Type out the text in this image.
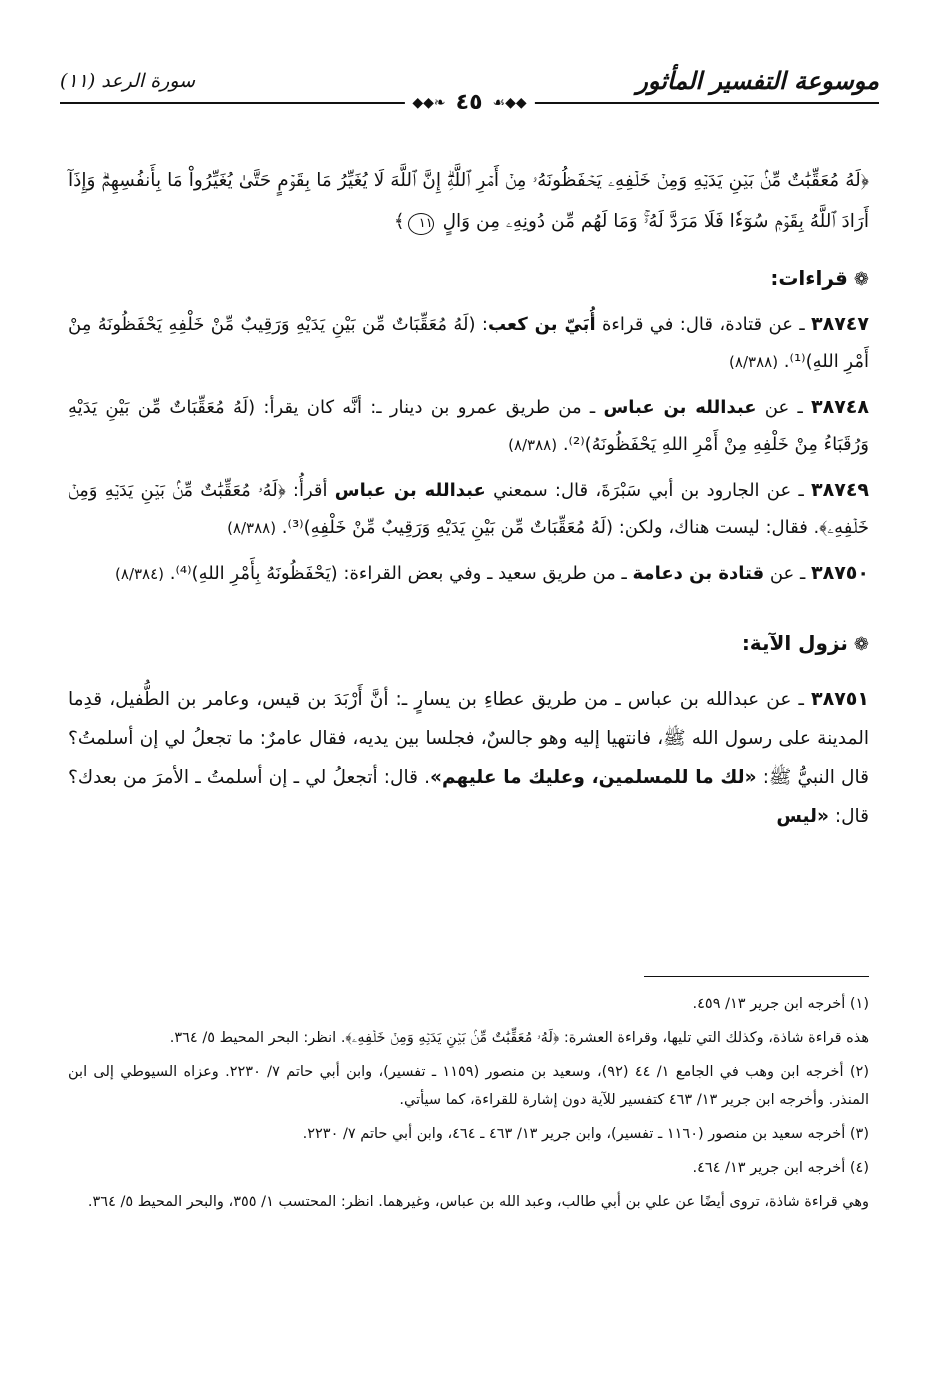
موسوعة التفسير المأثور
سورة الرعد (١١)
◆◆❧ ٤٥ ☙◆◆

﴿لَهُ مُعَقِّبَٰتٌ مِّنۢ بَيۡنِ يَدَيۡهِ وَمِنۡ خَلۡفِهِۦ يَحۡفَظُونَهُۥ مِنۡ أَمۡرِ ٱللَّهِۗ إِنَّ ٱللَّهَ لَا يُغَيِّرُ مَا بِقَوۡمٍ حَتَّىٰ يُغَيِّرُواْ مَا بِأَنفُسِهِمۡۗ وَإِذَآ أَرَادَ ٱللَّهُ بِقَوۡمٖ سُوٓءٗا فَلَا مَرَدَّ لَهُۥۚ وَمَا لَهُم مِّن دُونِهِۦ مِن وَالٍ ١١﴾

❁قراءات:

٣٨٧٤٧ ـ عن قتادة، قال: في قراءة أُبَيّ بن كعب: (لَهُ مُعَقِّبَاتٌ مِّن بَيْنِ يَدَيْهِ وَرَقِيبٌ مِّنْ خَلْفِهِ يَحْفَظُونَهُ مِنْ أَمْرِ اللهِ)⁽¹⁾. (٨/٣٨٨)

٣٨٧٤٨ ـ عن عبدالله بن عباس ـ من طريق عمرو بن دينار ـ: أنَّه كان يقرأ: (لَهُ مُعَقِّبَاتٌ مِّن بَيْنِ يَدَيْهِ وَرُقَبَاءُ مِنْ خَلْفِهِ مِنْ أَمْرِ اللهِ يَحْفَظُونَهُ)⁽²⁾. (٨/٣٨٨)

٣٨٧٤٩ ـ عن الجارود بن أبي سَبْرَةَ، قال: سمعني عبدالله بن عباس أقرأُ: ﴿لَهُۥ مُعَقِّبَٰتٌ مِّنۢ بَيۡنِ يَدَيۡهِ وَمِنۡ خَلۡفِهِۦ﴾. فقال: ليست هناك، ولكن: (لَهُ مُعَقِّبَاتٌ مِّن بَيْنِ يَدَيْهِ وَرَقِيبٌ مِّنْ خَلْفِهِ)⁽³⁾. (٨/٣٨٨)

٣٨٧٥٠ ـ عن قتادة بن دعامة ـ من طريق سعيد ـ وفي بعض القراءة: (يَحْفَظُونَهُ بِأَمْرِ اللهِ)⁽⁴⁾. (٨/٣٨٤)

❁نزول الآية:

٣٨٧٥١ ـ عن عبدالله بن عباس ـ من طريق عطاءِ بن يسارٍ ـ: أنَّ أَرْبَدَ بن قيس، وعامر بن الطُّفيل، قدِما المدينة على رسول الله ﷺ، فانتهيا إليه وهو جالسٌ، فجلسا بين يديه، فقال عامرٌ: ما تجعلُ لي إن أسلمتُ؟ قال النبيُّ ﷺ: «لك ما للمسلمين، وعليك ما عليهم». قال: أتجعلُ لي ـ إن أسلمتُ ـ الأمرَ من بعدك؟ قال: «ليس

(١) أخرجه ابن جرير ١٣/ ٤٥٩.

هذه قراءة شاذة، وكذلك التي تليها، وقراءة العشرة: ﴿لَهُۥ مُعَقِّبَٰتٌ مِّنۢ بَيۡنِ يَدَيۡهِ وَمِنۡ خَلۡفِهِۦ﴾. انظر: البحر المحيط ٥/ ٣٦٤.

(٢) أخرجه ابن وهب في الجامع ١/ ٤٤ (٩٢)، وسعيد بن منصور (١١٥٩ ـ تفسير)، وابن أبي حاتم ٧/ ٢٢٣٠. وعزاه السيوطي إلى ابن المنذر. وأخرجه ابن جرير ١٣/ ٤٦٣ كتفسير للآية دون إشارة للقراءة، كما سيأتي.

(٣) أخرجه سعيد بن منصور (١١٦٠ ـ تفسير)، وابن جرير ١٣/ ٤٦٣ ـ ٤٦٤، وابن أبي حاتم ٧/ ٢٢٣٠.

(٤) أخرجه ابن جرير ١٣/ ٤٦٤.

وهي قراءة شاذة، تروى أيضًا عن علي بن أبي طالب، وعبد الله بن عباس، وغيرهما. انظر: المحتسب ١/ ٣٥٥، والبحر المحيط ٥/ ٣٦٤.
